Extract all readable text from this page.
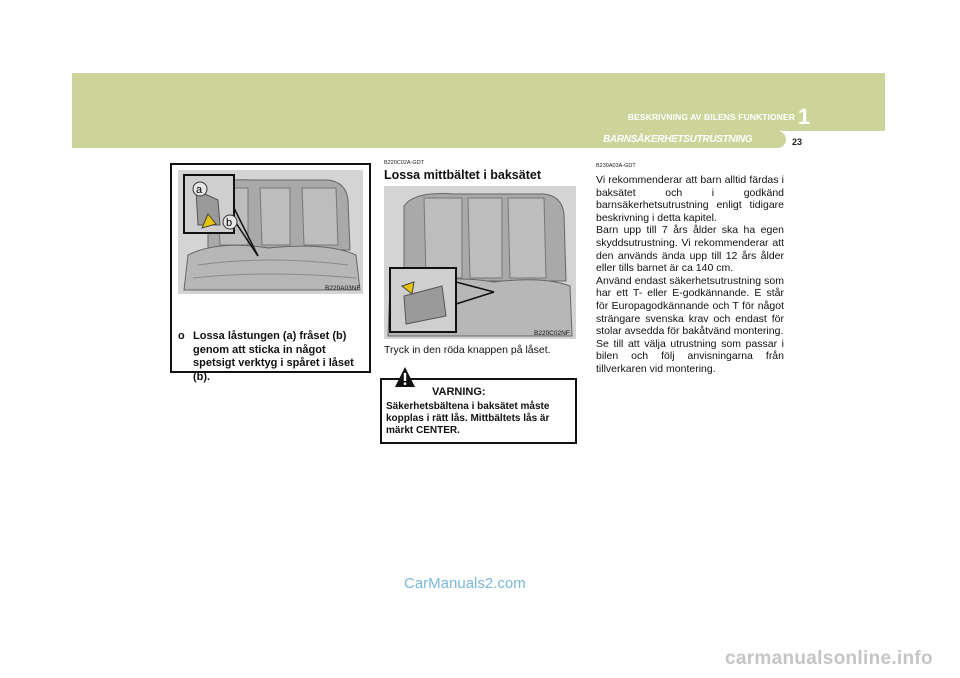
BESKRIVNING AV BILENS FUNKTIONER 1
BARNSÄKERHETSUTRUSTNING	23
a
b
B220A03NF
o Lossa låstungen (a) fråset (b) genom att sticka in något spetsigt verktyg i spåret i låset (b).
B220C02A-GDT
Lossa mittbältet i baksätet
B220C02NF
Tryck in den röda knappen på låset.
VARNING:
Säkerhetsbältena i baksätet måste kopplas i rätt lås. Mittbältets lås är märkt CENTER.
B230A03A-GDT

Vi rekommenderar att barn alltid färdas i baksätet och i godkänd barnsäkerhetsutrustning enligt tidigare beskrivning i detta kapitel.

Barn upp till 7 års ålder ska ha egen skyddsutrustning. Vi rekommenderar att den används ända upp till 12 års ålder eller tills barnet är ca 140 cm.

Använd endast säkerhetsutrustning som har ett T- eller E-godkännande. E står för Europagodkännande och T för något strängare svenska krav och endast för stolar avsedda för bakåtvänd montering.

Se till att välja utrustning som passar i bilen och följ anvisningarna från tillverkaren vid montering.

CarManuals2.com
carmanualsonline.info
